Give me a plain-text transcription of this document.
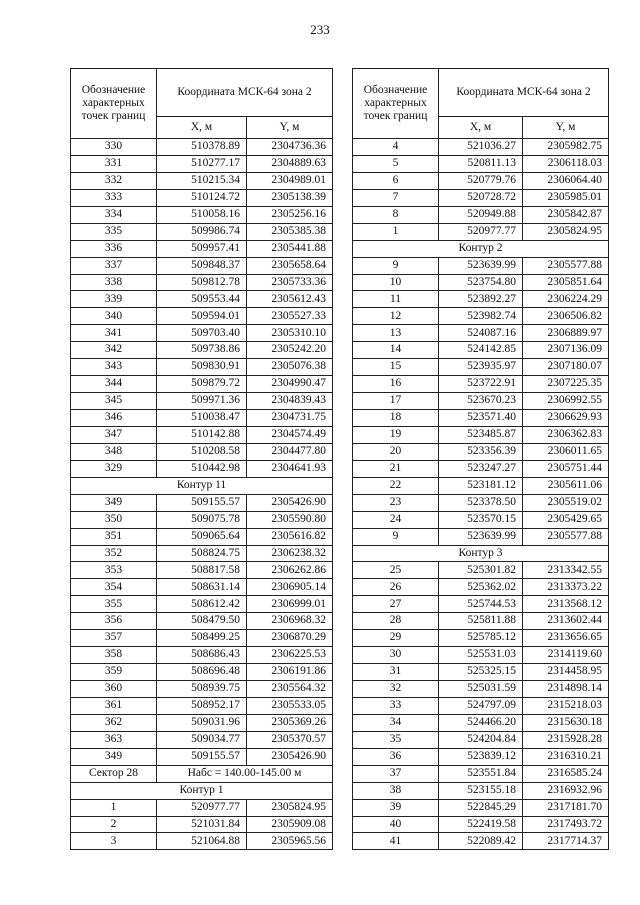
233
Обозначение характерных точек границ	Координата МСК-64 зона 2	
	X, м	Y, м
330	510378.89	2304736.36
331	510277.17	2304889.63
332	510215.34	2304989.01
333	510124.72	2305138.39
334	510058.16	2305256.16
335	509986.74	2305385.38
336	509957.41	2305441.88
337	509848.37	2305658.64
338	509812.78	2305733.36
339	509553.44	2305612.43
340	509594.01	2305527.33
341	509703.40	2305310.10
342	509738.86	2305242.20
343	509830.91	2305076.38
344	509879.72	2304990.47
345	509971.36	2304839.43
346	510038.47	2304731.75
347	510142.88	2304574.49
348	510208.58	2304477.80
329	510442.98	2304641.93
Контур 11		
349	509155.57	2305426.90
350	509075.78	2305590.80
351	509065.64	2305616.82
352	508824.75	2306238.32
353	508817.58	2306262.86
354	508631.14	2306905.14
355	508612.42	2306999.01
356	508479.50	2306968.32
357	508499.25	2306870.29
358	508686.43	2306225.53
359	508696.48	2306191.86
360	508939.75	2305564.32
361	508952.17	2305533.05
362	509031.96	2305369.26
363	509034.77	2305370.57
349	509155.57	2305426.90
Сектор 28	Набс = 140.00-145.00 м	
Контур 1		
1	520977.77	2305824.95
2	521031.84	2305909.08
3	521064.88	2305965.56
Обозначение характерных точек границ	Координата МСК-64 зона 2	
	X, м	Y, м
4	521036.27	2305982.75
5	520811.13	2306118.03
6	520779.76	2306064.40
7	520728.72	2305985.01
8	520949.88	2305842.87
1	520977.77	2305824.95
Контур 2		
9	523639.99	2305577.88
10	523754.80	2305851.64
11	523892.27	2306224.29
12	523982.74	2306506.82
13	524087.16	2306889.97
14	524142.85	2307136.09
15	523935.97	2307180.07
16	523722.91	2307225.35
17	523670.23	2306992.55
18	523571.40	2306629.93
19	523485.87	2306362.83
20	523356.39	2306011.65
21	523247.27	2305751.44
22	523181.12	2305611.06
23	523378.50	2305519.02
24	523570.15	2305429.65
9	523639.99	2305577.88
Контур 3		
25	525301.82	2313342.55
26	525362.02	2313373.22
27	525744.53	2313568.12
28	525811.88	2313602.44
29	525785.12	2313656.65
30	525531.03	2314119.60
31	525325.15	2314458.95
32	525031.59	2314898.14
33	524797.09	2315218.03
34	524466.20	2315630.18
35	524204.84	2315928.28
36	523839.12	2316310.21
37	523551.84	2316585.24
38	523155.18	2316932.96
39	522845.29	2317181.70
40	522419.58	2317493.72
41	522089.42	2317714.37
